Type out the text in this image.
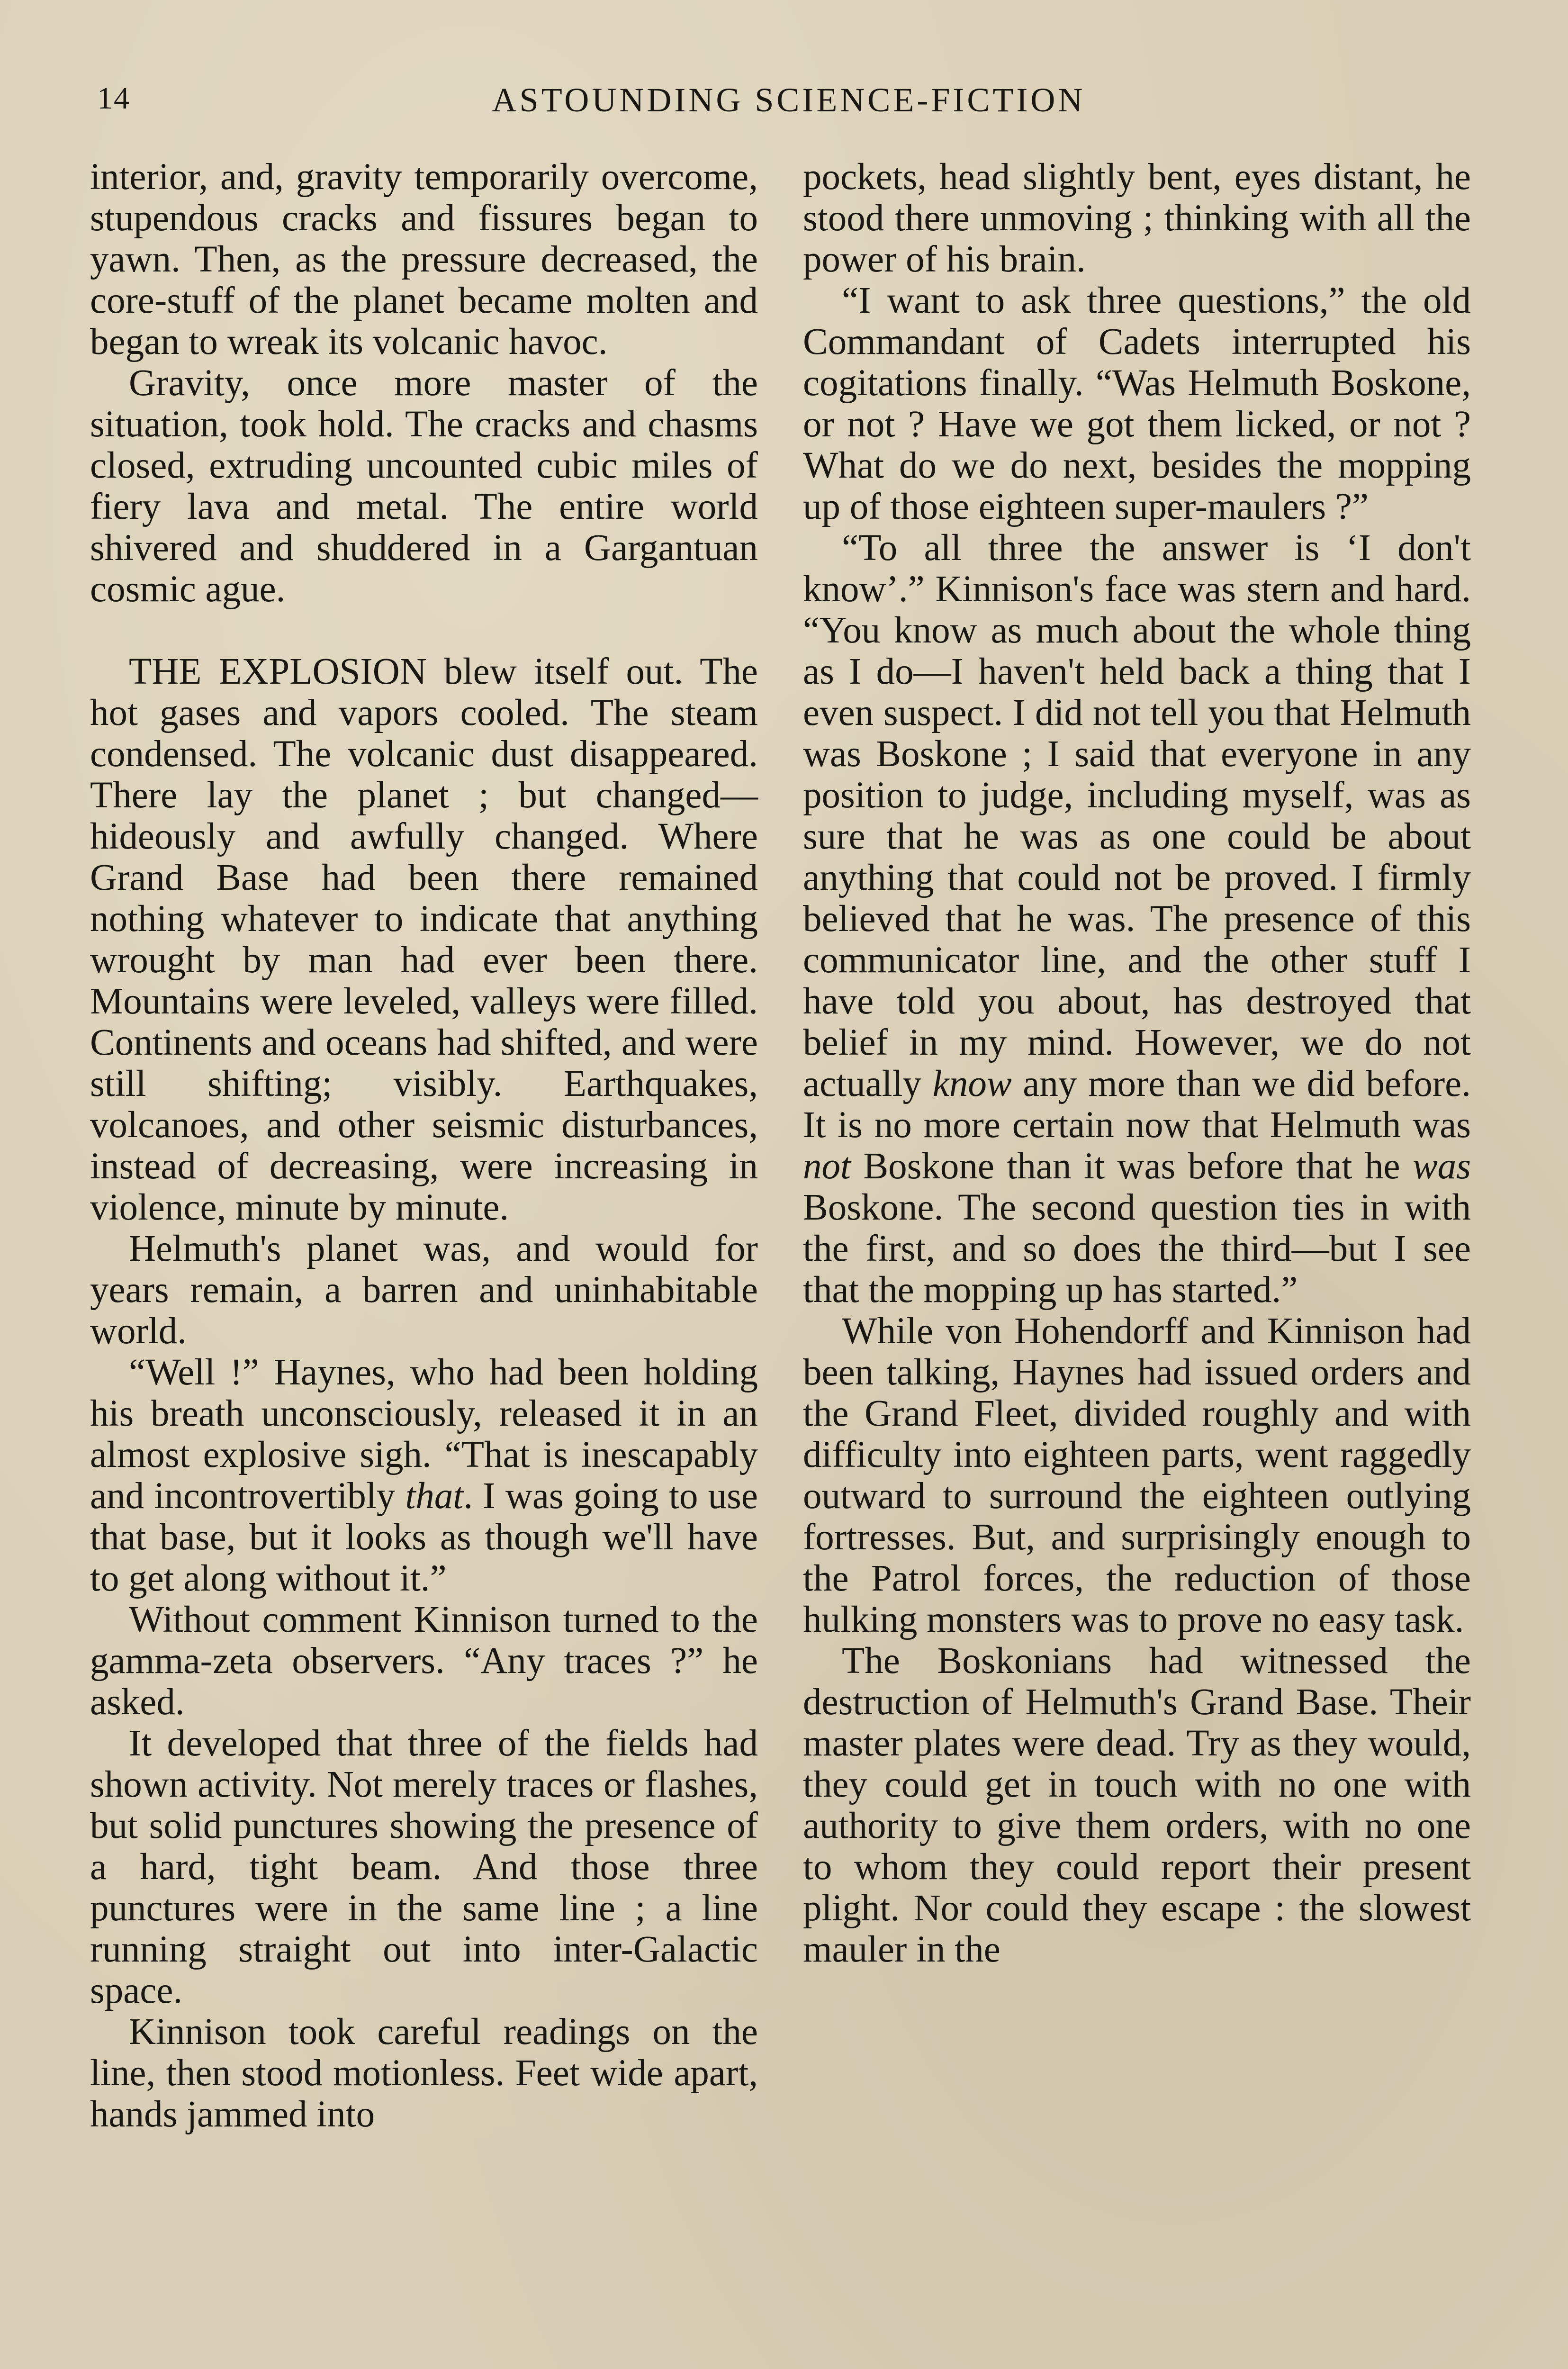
14	ASTOUNDING SCIENCE-FICTION

interior, and, gravity temporarily overcome, stupendous cracks and fissures began to yawn. Then, as the pressure decreased, the core-stuff of the planet became molten and began to wreak its volcanic havoc.

Gravity, once more master of the situation, took hold. The cracks and chasms closed, extruding uncounted cubic miles of fiery lava and metal. The entire world shivered and shuddered in a Gargantuan cosmic ague.

THE EXPLOSION blew itself out. The hot gases and vapors cooled. The steam condensed. The volcanic dust disappeared. There lay the planet ; but changed—hideously and awfully changed. Where Grand Base had been there remained nothing whatever to indicate that anything wrought by man had ever been there. Mountains were leveled, valleys were filled. Continents and oceans had shifted, and were still shifting; visibly. Earthquakes, volcanoes, and other seismic disturbances, instead of decreasing, were increasing in violence, minute by minute.

Helmuth's planet was, and would for years remain, a barren and uninhabitable world.

“Well !” Haynes, who had been holding his breath unconsciously, released it in an almost explosive sigh. “That is inescapably and incontrovertibly that. I was going to use that base, but it looks as though we'll have to get along without it.”

Without comment Kinnison turned to the gamma-zeta observers. “Any traces ?” he asked.

It developed that three of the fields had shown activity. Not merely traces or flashes, but solid punctures showing the presence of a hard, tight beam. And those three punctures were in the same line ; a line running straight out into inter-Galactic space.

Kinnison took careful readings on the line, then stood motionless. Feet wide apart, hands jammed into

pockets, head slightly bent, eyes distant, he stood there unmoving ; thinking with all the power of his brain.

“I want to ask three questions,” the old Commandant of Cadets interrupted his cogitations finally. “Was Helmuth Boskone, or not ? Have we got them licked, or not ? What do we do next, besides the mopping up of those eighteen super-maulers ?”

“To all three the answer is ‘I don't know’.” Kinnison's face was stern and hard. “You know as much about the whole thing as I do—I haven't held back a thing that I even suspect. I did not tell you that Helmuth was Boskone ; I said that everyone in any position to judge, including myself, was as sure that he was as one could be about anything that could not be proved. I firmly believed that he was. The presence of this communicator line, and the other stuff I have told you about, has destroyed that belief in my mind. However, we do not actually know any more than we did before. It is no more certain now that Helmuth was not Boskone than it was before that he was Boskone. The second question ties in with the first, and so does the third—but I see that the mopping up has started.”

While von Hohendorff and Kinnison had been talking, Haynes had issued orders and the Grand Fleet, divided roughly and with difficulty into eighteen parts, went raggedly outward to surround the eighteen outlying fortresses. But, and surprisingly enough to the Patrol forces, the reduction of those hulking monsters was to prove no easy task.

The Boskonians had witnessed the destruction of Helmuth's Grand Base. Their master plates were dead. Try as they would, they could get in touch with no one with authority to give them orders, with no one to whom they could report their present plight. Nor could they escape : the slowest mauler in the
